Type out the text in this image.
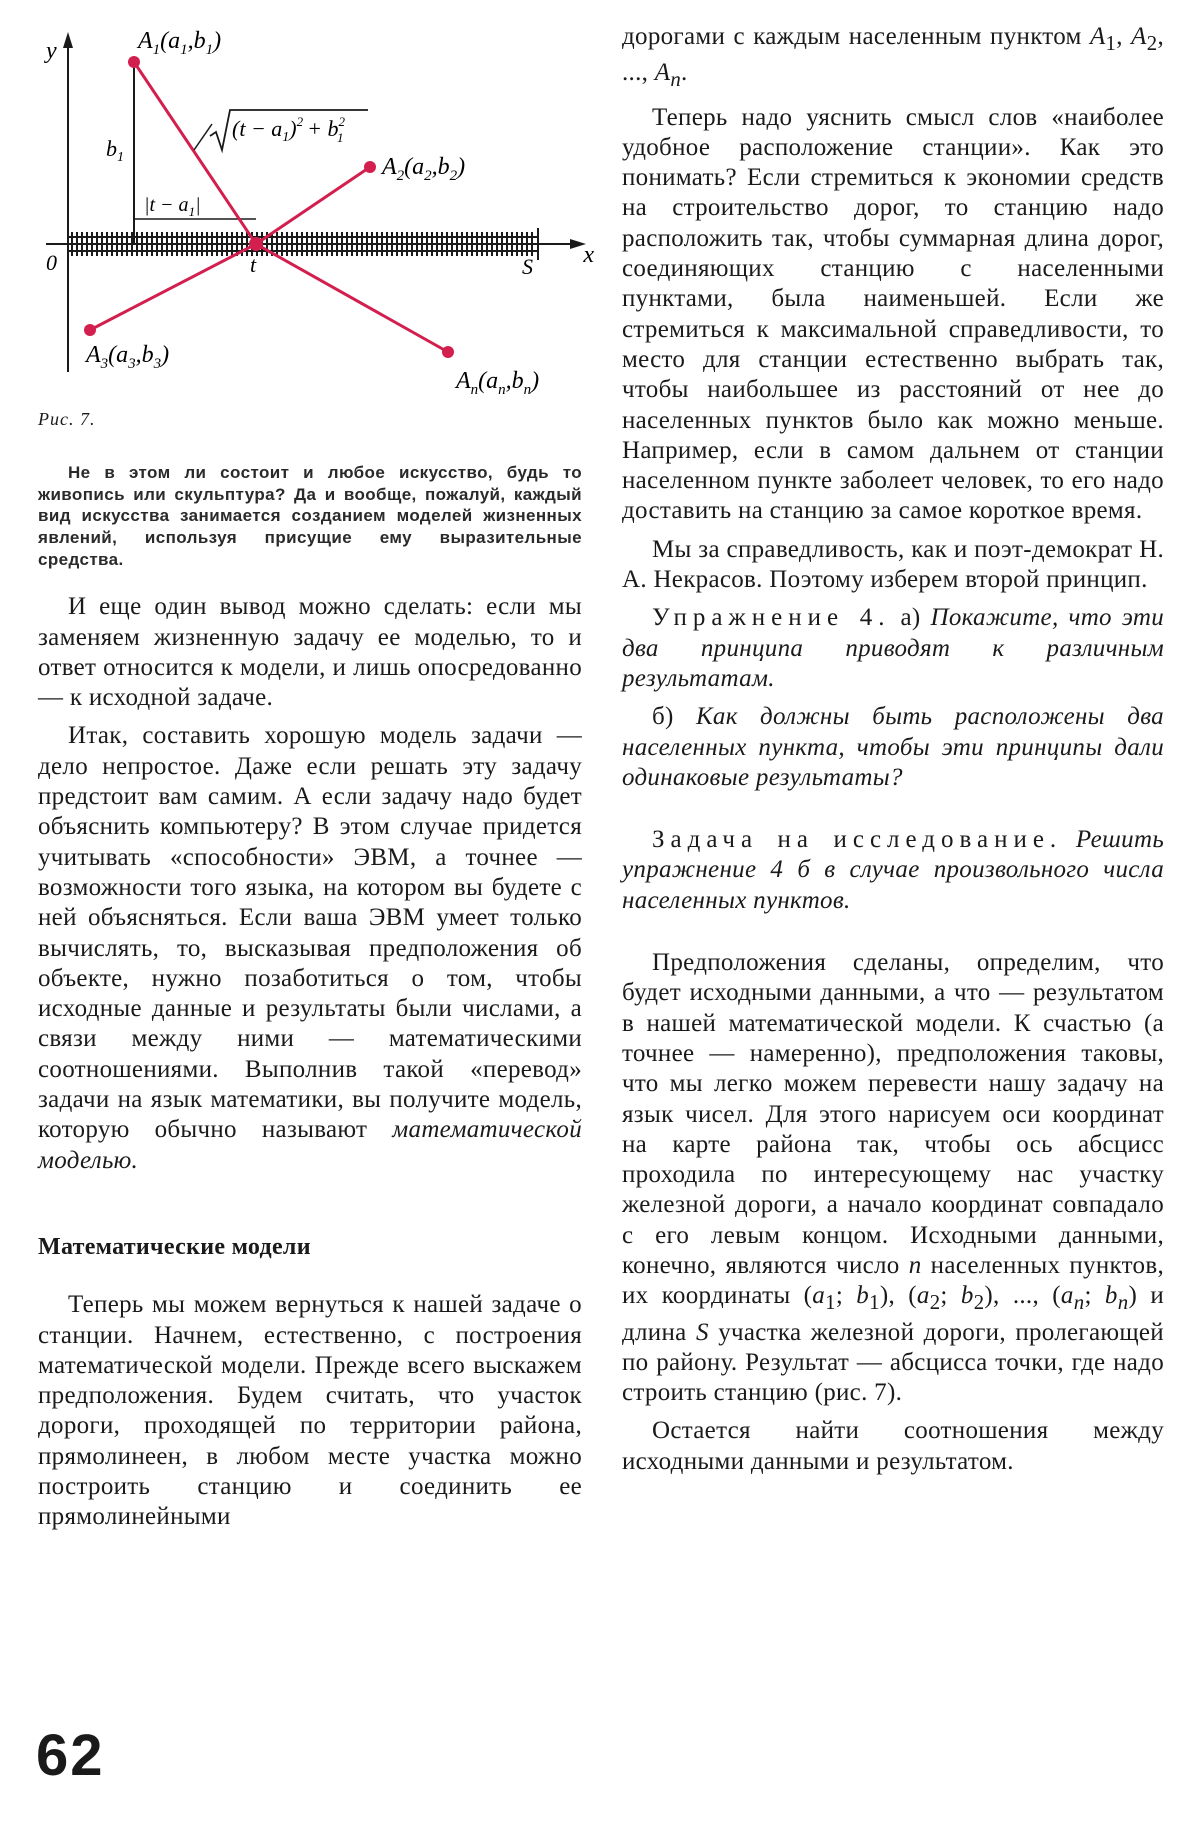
y
x
0	t	S
$b_1$
$|t - a_1|$
$(t - a_1)^2 + b^2$ 1
$A_1(a_1,b_1)$
$A_2(a_2,b_2)$
$A_3(a_3,b_3)$
$A_n(a_n,b_n)$

Рис. 7.

Не в этом ли состоит и любое искусство, будь то живопись или скульптура? Да и вообще, пожалуй, каждый вид искусства занимается созданием моделей жизненных явлений, используя присущие ему выразительные средства.

И еще один вывод можно сделать: если мы заменяем жизненную задачу ее моделью, то и ответ относится к модели, и лишь опосредованно — к исходной задаче.

Итак, составить хорошую модель задачи — дело непростое. Даже если решать эту задачу предстоит вам самим. А если задачу надо будет объяснить компьютеру? В этом случае придется учитывать «способности» ЭВМ, а точнее — возможности того языка, на котором вы будете с ней объясняться. Если ваша ЭВМ умеет только вычислять, то, высказывая предположения об объекте, нужно позаботиться о том, чтобы исходные данные и результаты были числами, а связи между ними — математическими соотношениями. Выполнив такой «перевод» задачи на язык математики, вы получите модель, которую обычно называют математической моделью.

Математические модели

Теперь мы можем вернуться к нашей задаче о станции. Начнем, естественно, с построения математической модели. Прежде всего выскажем предположения. Будем считать, что участок дороги, проходящей по территории района, прямолинеен, в любом месте участка можно построить станцию и соединить ее прямолинейными

дорогами с каждым населенным пунктом $A_1$, $A_2$, ..., $A_n$.

Теперь надо уяснить смысл слов «наиболее удобное расположение станции». Как это понимать? Если стремиться к экономии средств на строительство дорог, то станцию надо расположить так, чтобы суммарная длина дорог, соединяющих станцию с населенными пунктами, была наименьшей. Если же стремиться к максимальной справедливости, то место для станции естественно выбрать так, чтобы наибольшее из расстояний от нее до населенных пунктов было как можно меньше. Например, если в самом дальнем от станции населенном пункте заболеет человек, то его надо доставить на станцию за самое короткое время.

Мы за справедливость, как и поэт-демократ Н. А. Некрасов. Поэтому изберем второй принцип.

Упражнение 4. а) Покажите, что эти два принципа приводят к различным результатам.

б) Как должны быть расположены два населенных пункта, чтобы эти принципы дали одинаковые результаты?

Задача на исследование. Решить упражнение 4 б в случае произвольного числа населенных пунктов.

Предположения сделаны, определим, что будет исходными данными, а что — результатом в нашей математической модели. К счастью (а точнее — намеренно), предположения таковы, что мы легко можем перевести нашу задачу на язык чисел. Для этого нарисуем оси координат на карте района так, чтобы ось абсцисс проходила по интересующему нас участку железной дороги, а начало координат совпадало с его левым концом. Исходными данными, конечно, являются число n населенных пунктов, их координаты ($a_1$; $b_1$), ($a_2$; $b_2$), ..., ($a_n$; $b_n$) и длина S участка железной дороги, пролегающей по району. Результат — абсцисса точки, где надо строить станцию (рис. 7).

Остается найти соотношения между исходными данными и результатом.

62
